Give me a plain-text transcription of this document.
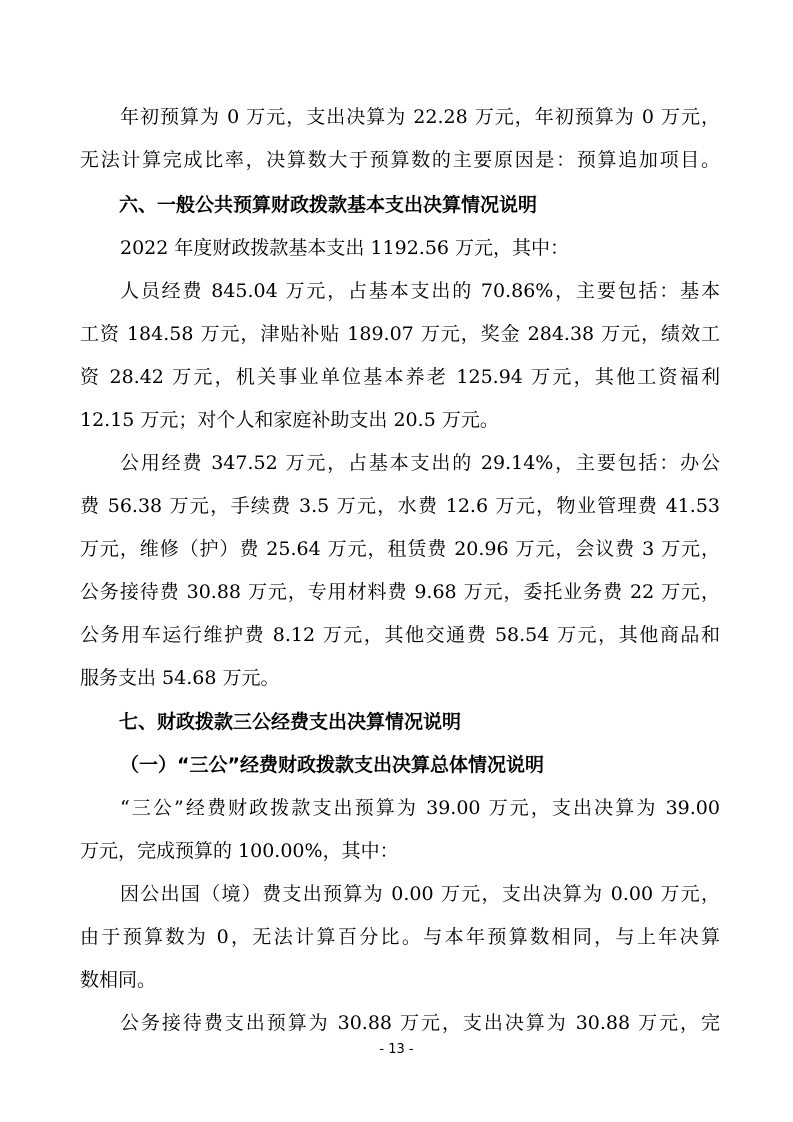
年初预算为 0 万元，支出决算为 22.28 万元，年初预算为 0 万元，
无法计算完成比率，决算数大于预算数的主要原因是：预算追加项目。
六、一般公共预算财政拨款基本支出决算情况说明
2022 年度财政拨款基本支出 1192.56 万元，其中：
人员经费 845.04 万元，占基本支出的 70.86%，主要包括：基本
工资 184.58 万元，津贴补贴 189.07 万元，奖金 284.38 万元，绩效工
资 28.42 万元，机关事业单位基本养老 125.94 万元，其他工资福利
12.15 万元；对个人和家庭补助支出 20.5 万元。
公用经费 347.52 万元，占基本支出的 29.14%，主要包括：办公
费 56.38 万元，手续费 3.5 万元，水费 12.6 万元，物业管理费 41.53
万元，维修（护）费 25.64 万元，租赁费 20.96 万元，会议费 3 万元，
公务接待费 30.88 万元，专用材料费 9.68 万元，委托业务费 22 万元，
公务用车运行维护费 8.12 万元，其他交通费 58.54 万元，其他商品和
服务支出 54.68 万元。
七、财政拨款三公经费支出决算情况说明
（一）“三公”经费财政拨款支出决算总体情况说明
“三公”经费财政拨款支出预算为 39.00 万元，支出决算为 39.00
万元，完成预算的 100.00%，其中：
因公出国（境）费支出预算为 0.00 万元，支出决算为 0.00 万元，
由于预算数为 0，无法计算百分比。与本年预算数相同，与上年决算
数相同。
公务接待费支出预算为 30.88 万元，支出决算为 30.88 万元，完
- 13 -
